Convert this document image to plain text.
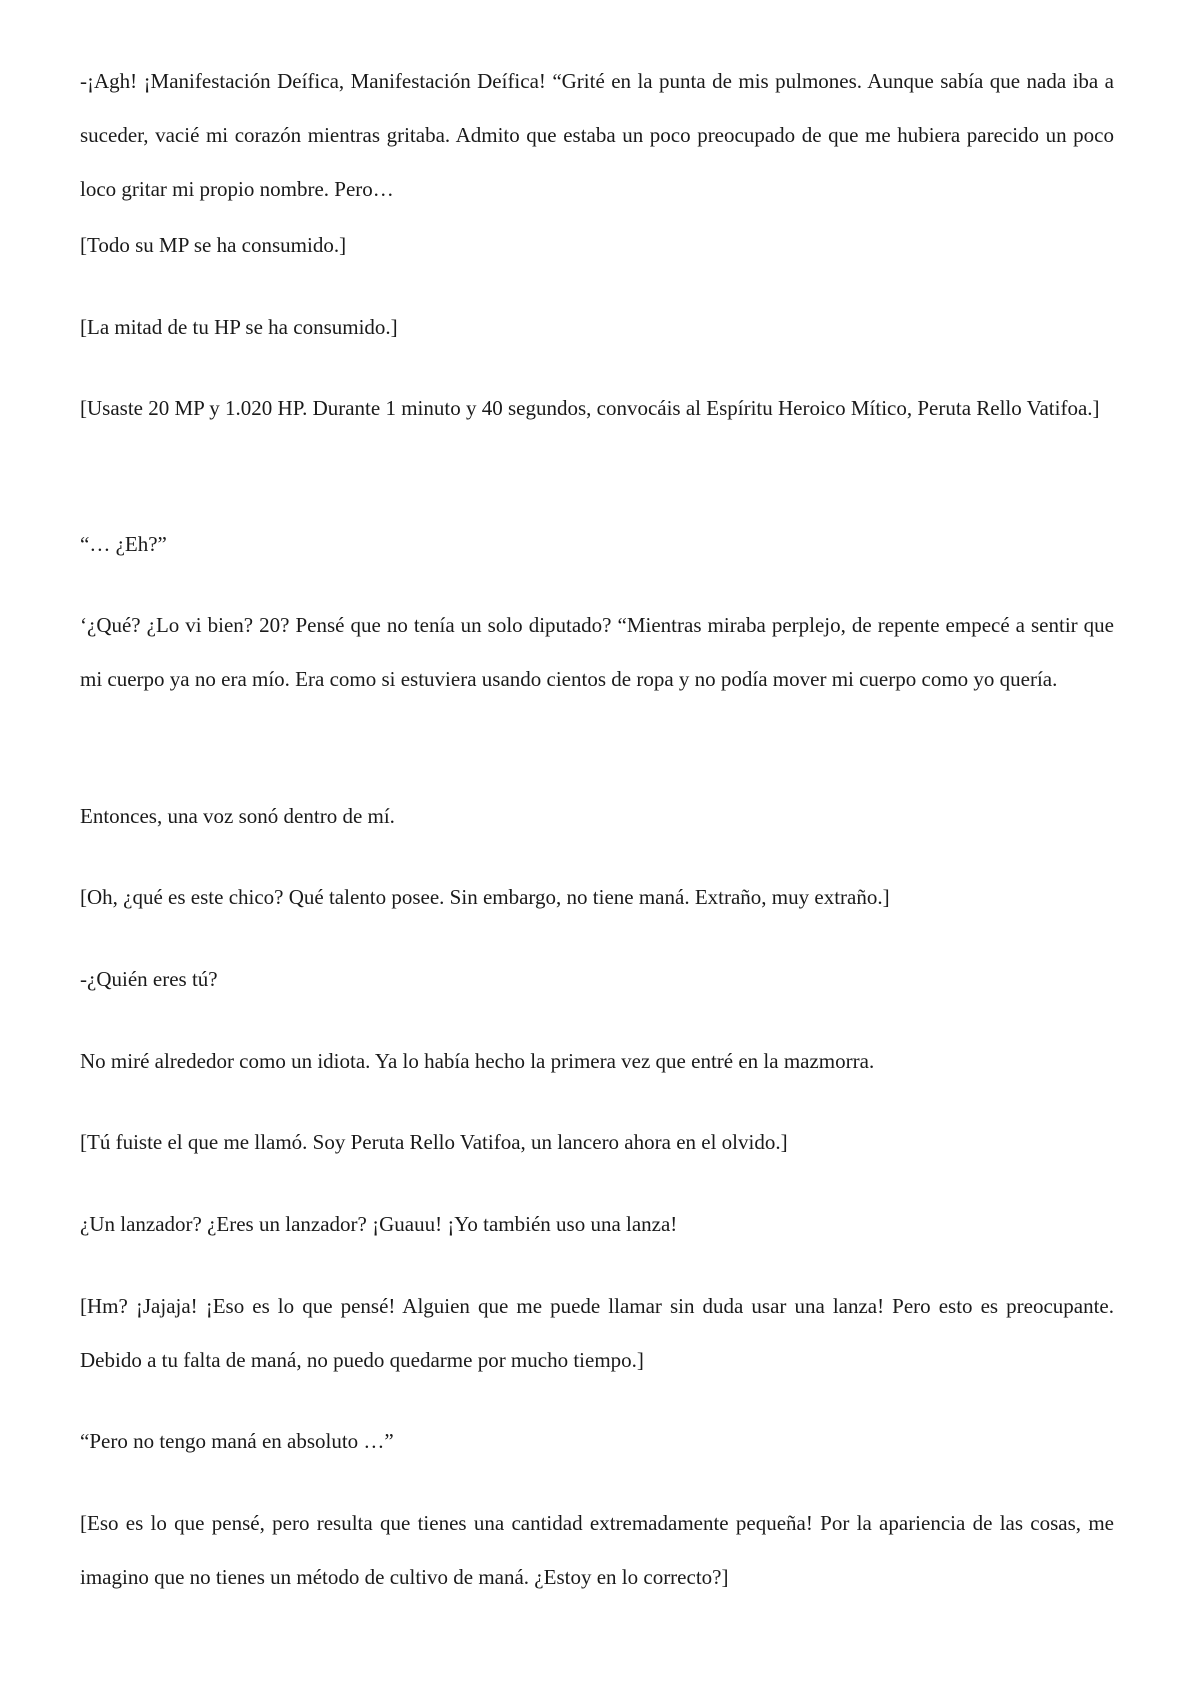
-¡Agh! ¡Manifestación Deífica, Manifestación Deífica! “Grité en la punta de mis pulmones. Aunque sabía que nada iba a suceder, vacié mi corazón mientras gritaba. Admito que estaba un poco preocupado de que me hubiera parecido un poco loco gritar mi propio nombre. Pero…

[Todo su MP se ha consumido.]

[La mitad de tu HP se ha consumido.]

[Usaste 20 MP y 1.020 HP. Durante 1 minuto y 40 segundos, convocáis al Espíritu Heroico Mítico, Peruta Rello Vatifoa.]

“… ¿Eh?”

‘¿Qué? ¿Lo vi bien? 20? Pensé que no tenía un solo diputado? “Mientras miraba perplejo, de repente empecé a sentir que mi cuerpo ya no era mío. Era como si estuviera usando cientos de ropa y no podía mover mi cuerpo como yo quería.

Entonces, una voz sonó dentro de mí.

[Oh, ¿qué es este chico? Qué talento posee. Sin embargo, no tiene maná. Extraño, muy extraño.]

-¿Quién eres tú?

No miré alrededor como un idiota. Ya lo había hecho la primera vez que entré en la mazmorra.

[Tú fuiste el que me llamó. Soy Peruta Rello Vatifoa, un lancero ahora en el olvido.]

¿Un lanzador? ¿Eres un lanzador? ¡Guauu! ¡Yo también uso una lanza!

[Hm? ¡Jajaja! ¡Eso es lo que pensé! Alguien que me puede llamar sin duda usar una lanza! Pero esto es preocupante. Debido a tu falta de maná, no puedo quedarme por mucho tiempo.]

“Pero no tengo maná en absoluto …”

[Eso es lo que pensé, pero resulta que tienes una cantidad extremadamente pequeña! Por la apariencia de las cosas, me imagino que no tienes un método de cultivo de maná. ¿Estoy en lo correcto?]
